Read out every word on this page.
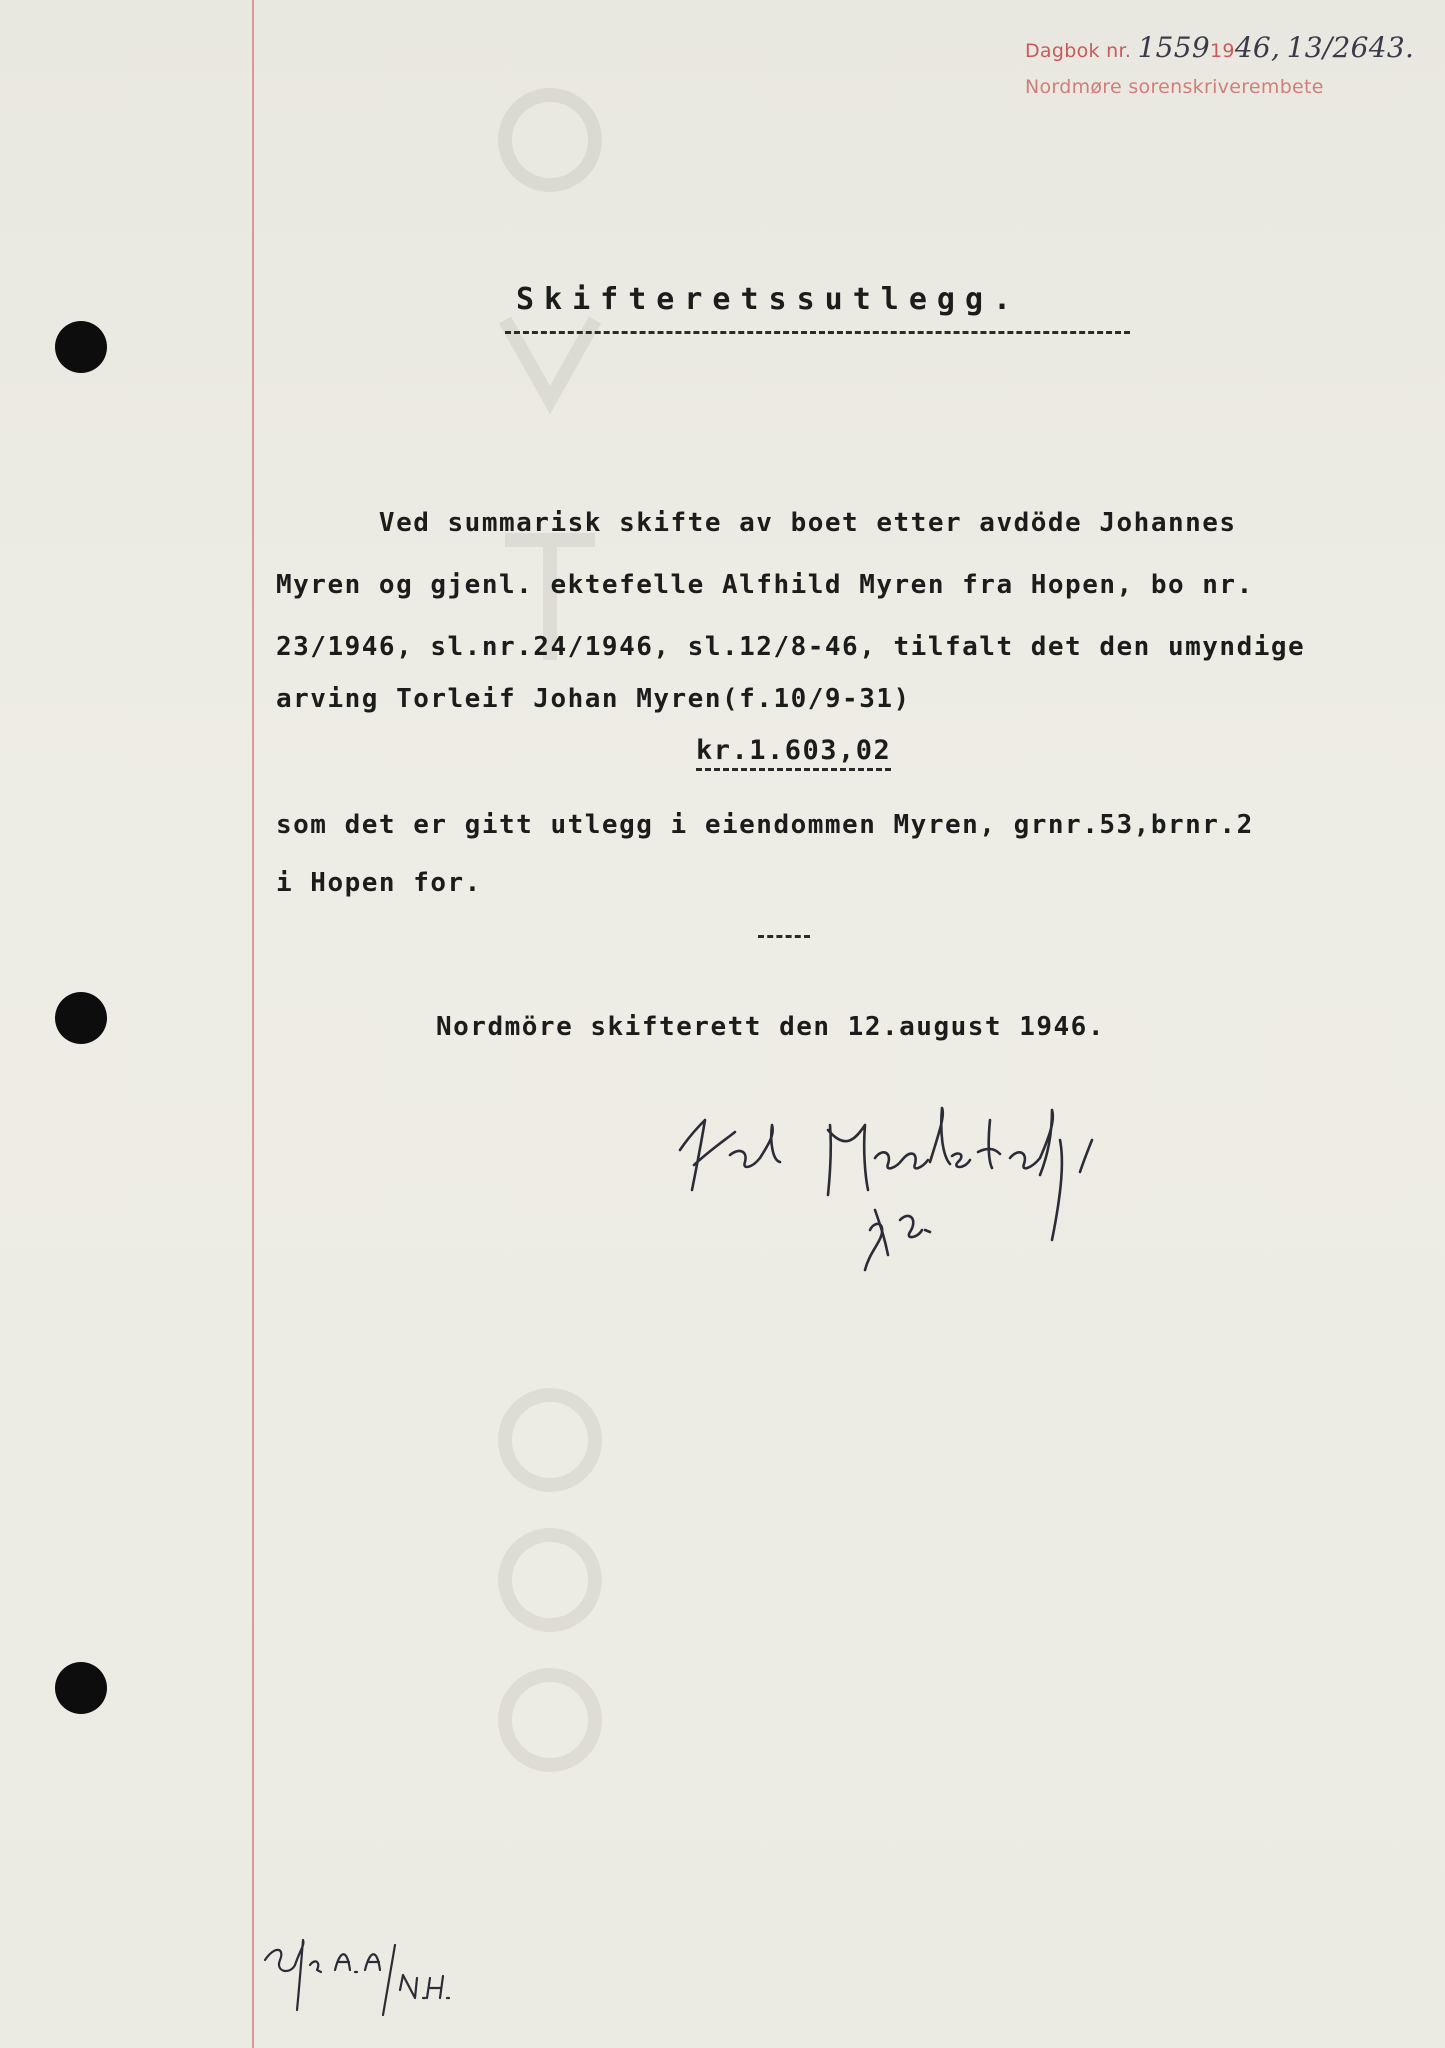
Dagbok nr. 15591946, 13/2643.
Nordmøre sorenskriverembete
Skifteretssutlegg.
Ved summarisk skifte av boet etter avdöde Johannes
Myren og gjenl. ektefelle Alfhild Myren fra Hopen, bo nr.
23/1946, sl.nr.24/1946, sl.12/8-46, tilfalt det den umyndige
arving Torleif Johan Myren(f.10/9-31)
kr.1.603,02
som det er gitt utlegg i eiendommen Myren, grnr.53,brnr.2
i Hopen for.
Nordmöre skifterett den 12.august 1946.
